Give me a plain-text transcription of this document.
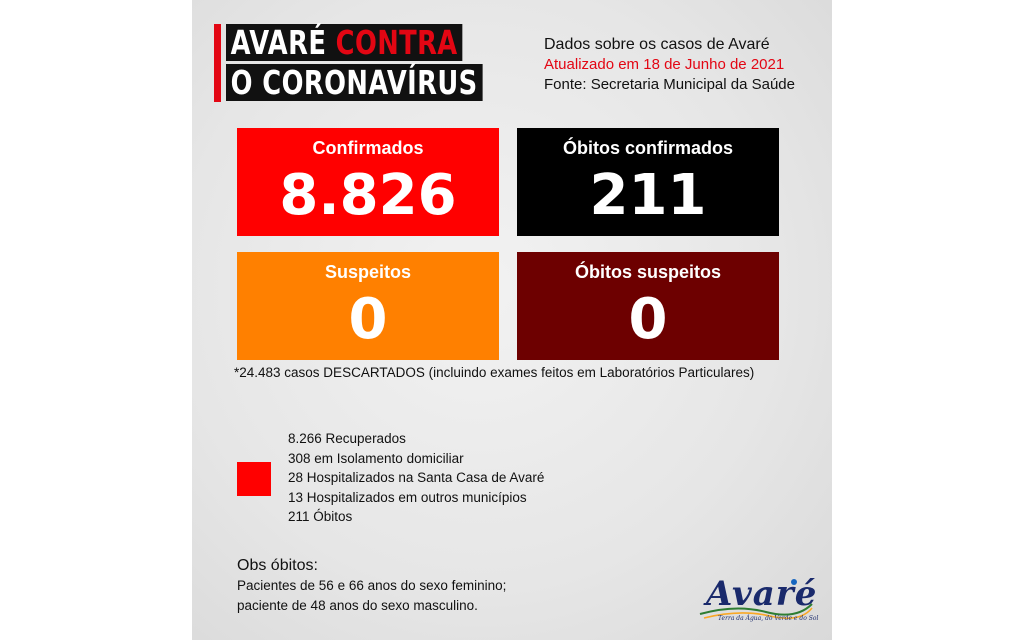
AVARÉ CONTRA
O CORONAVÍRUS
Dados sobre os casos de Avaré
Atualizado em 18 de Junho de 2021
Fonte: Secretaria Municipal da Saúde
Confirmados
8.826
Óbitos confirmados
211
Suspeitos
0
Óbitos suspeitos
0
*24.483 casos DESCARTADOS (incluindo exames feitos em Laboratórios Particulares)
8.266 Recuperados
308 em Isolamento domiciliar
28 Hospitalizados na Santa Casa de Avaré
13 Hospitalizados em outros municípios
211 Óbitos
Obs óbitos:
Pacientes de 56 e 66 anos do sexo feminino;
paciente de 48 anos do sexo masculino.	Avaré
Terra da Água, do Verde e do Sol
